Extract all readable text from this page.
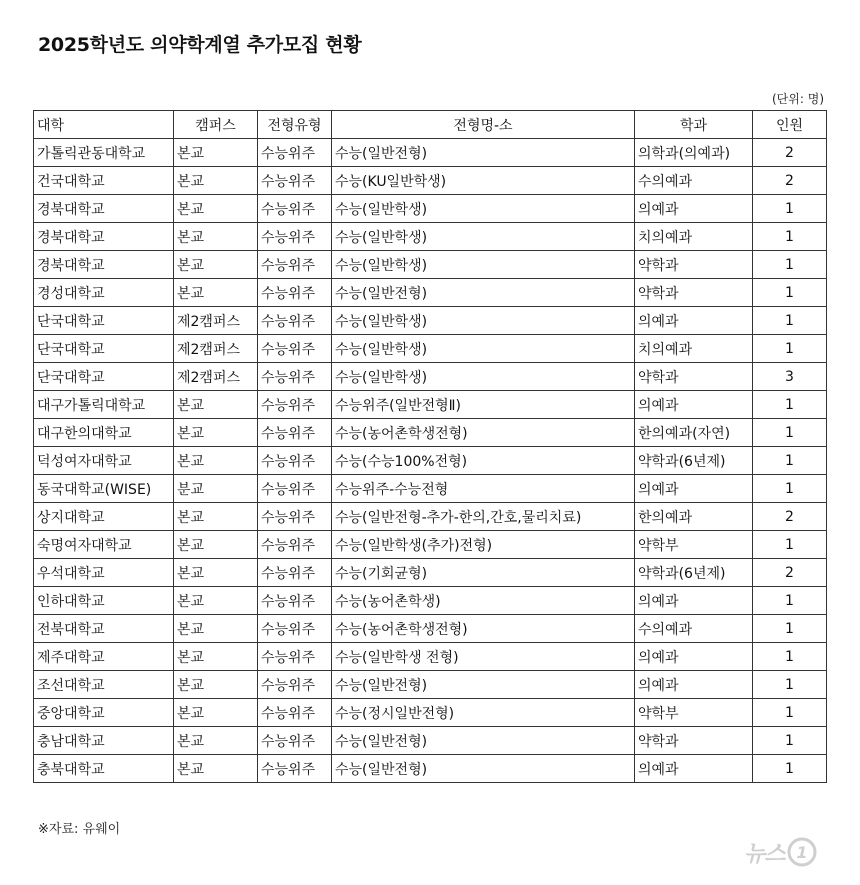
2025학년도 의약학계열 추가모집 현황
(단위: 명)
대학	캠퍼스	전형유형	전형명-소	학과	인원
가톨릭관동대학교	본교	수능위주	수능(일반전형)	의학과(의예과)	2
건국대학교	본교	수능위주	수능(KU일반학생)	수의예과	2
경북대학교	본교	수능위주	수능(일반학생)	의예과	1
경북대학교	본교	수능위주	수능(일반학생)	치의예과	1
경북대학교	본교	수능위주	수능(일반학생)	약학과	1
경성대학교	본교	수능위주	수능(일반전형)	약학과	1
단국대학교	제2캠퍼스	수능위주	수능(일반학생)	의예과	1
단국대학교	제2캠퍼스	수능위주	수능(일반학생)	치의예과	1
단국대학교	제2캠퍼스	수능위주	수능(일반학생)	약학과	3
대구가톨릭대학교	본교	수능위주	수능위주(일반전형Ⅱ)	의예과	1
대구한의대학교	본교	수능위주	수능(농어촌학생전형)	한의예과(자연)	1
덕성여자대학교	본교	수능위주	수능(수능100%전형)	약학과(6년제)	1
동국대학교(WISE)	분교	수능위주	수능위주-수능전형	의예과	1
상지대학교	본교	수능위주	수능(일반전형-추가-한의,간호,물리치료)	한의예과	2
숙명여자대학교	본교	수능위주	수능(일반학생(추가)전형)	약학부	1
우석대학교	본교	수능위주	수능(기회균형)	약학과(6년제)	2
인하대학교	본교	수능위주	수능(농어촌학생)	의예과	1
전북대학교	본교	수능위주	수능(농어촌학생전형)	수의예과	1
제주대학교	본교	수능위주	수능(일반학생 전형)	의예과	1
조선대학교	본교	수능위주	수능(일반전형)	의예과	1
중앙대학교	본교	수능위주	수능(정시일반전형)	약학부	1
충남대학교	본교	수능위주	수능(일반전형)	약학과	1
충북대학교	본교	수능위주	수능(일반전형)	의예과	1
※자료: 유웨이
뉴스 1
